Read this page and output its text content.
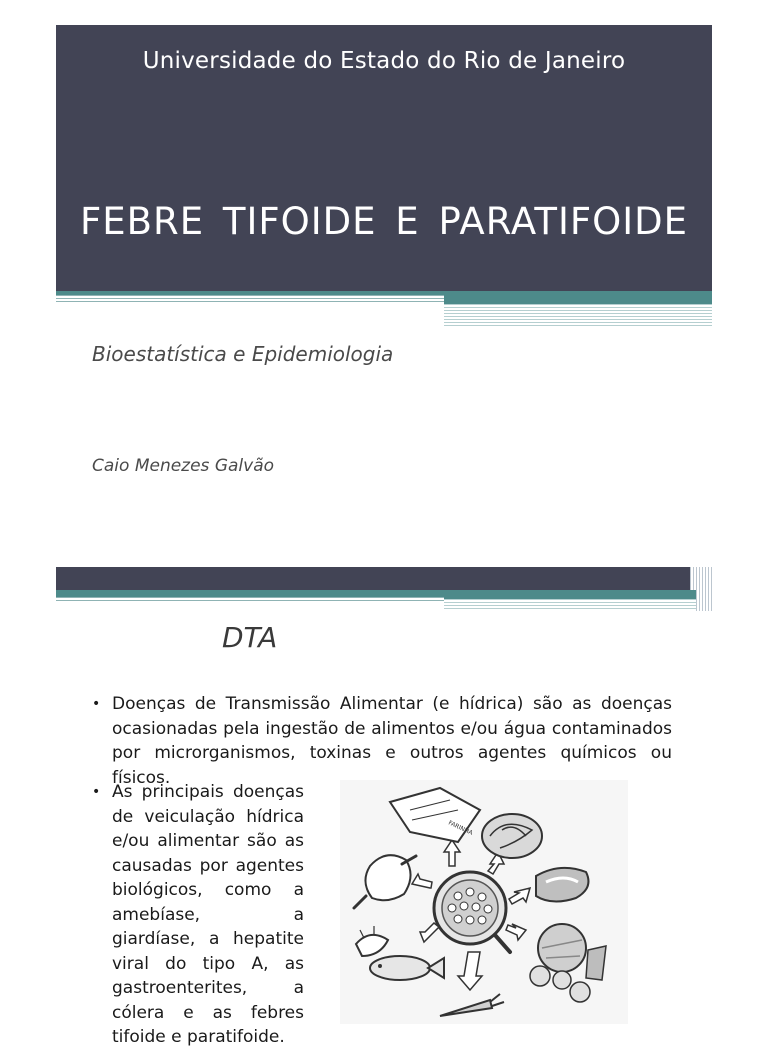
Universidade do Estado do Rio de Janeiro
FEBRE TIFOIDE E PARATIFOIDE
Bioestatística e Epidemiologia
Caio Menezes Galvão
DTA
• Doenças de Transmissão Alimentar (e hídrica) são as doenças ocasionadas pela ingestão de alimentos e/ou água contaminados por microrganismos, toxinas e outros agentes químicos ou físicos.
• As principais doenças de veiculação hídrica e/ou alimentar são as causadas por agentes biológicos, como a amebíase, a giardíase, a hepatite viral do tipo A, as gastroenterites, a cólera e as febres tifoide e paratifoide.
FARINHA
